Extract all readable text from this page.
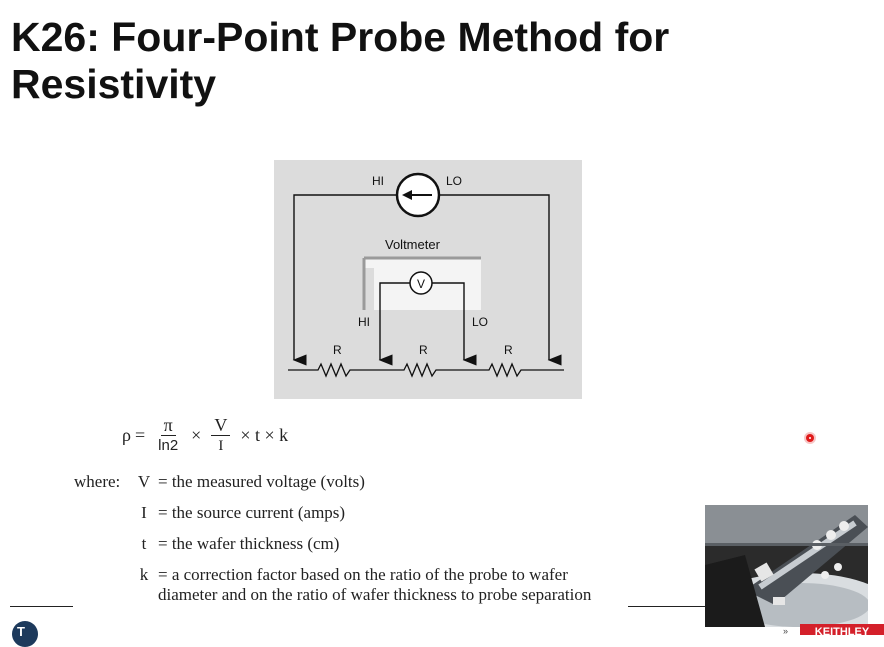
K26: Four-Point Probe Method for
Resistivity
HI	LO
Voltmeter
V
HI	LO
R	R	R
$\rho = \frac{\pi}{\ln 2} \times \frac{V}{I} \times t \times k$
where:	V = the measured voltage (volts)
I = the source current (amps)
t = the wafer thickness (cm)
k = a correction factor based on the ratio of the probe to wafer diameter and on the ratio of wafer thickness to probe separation
»	KEITHLEY
T
